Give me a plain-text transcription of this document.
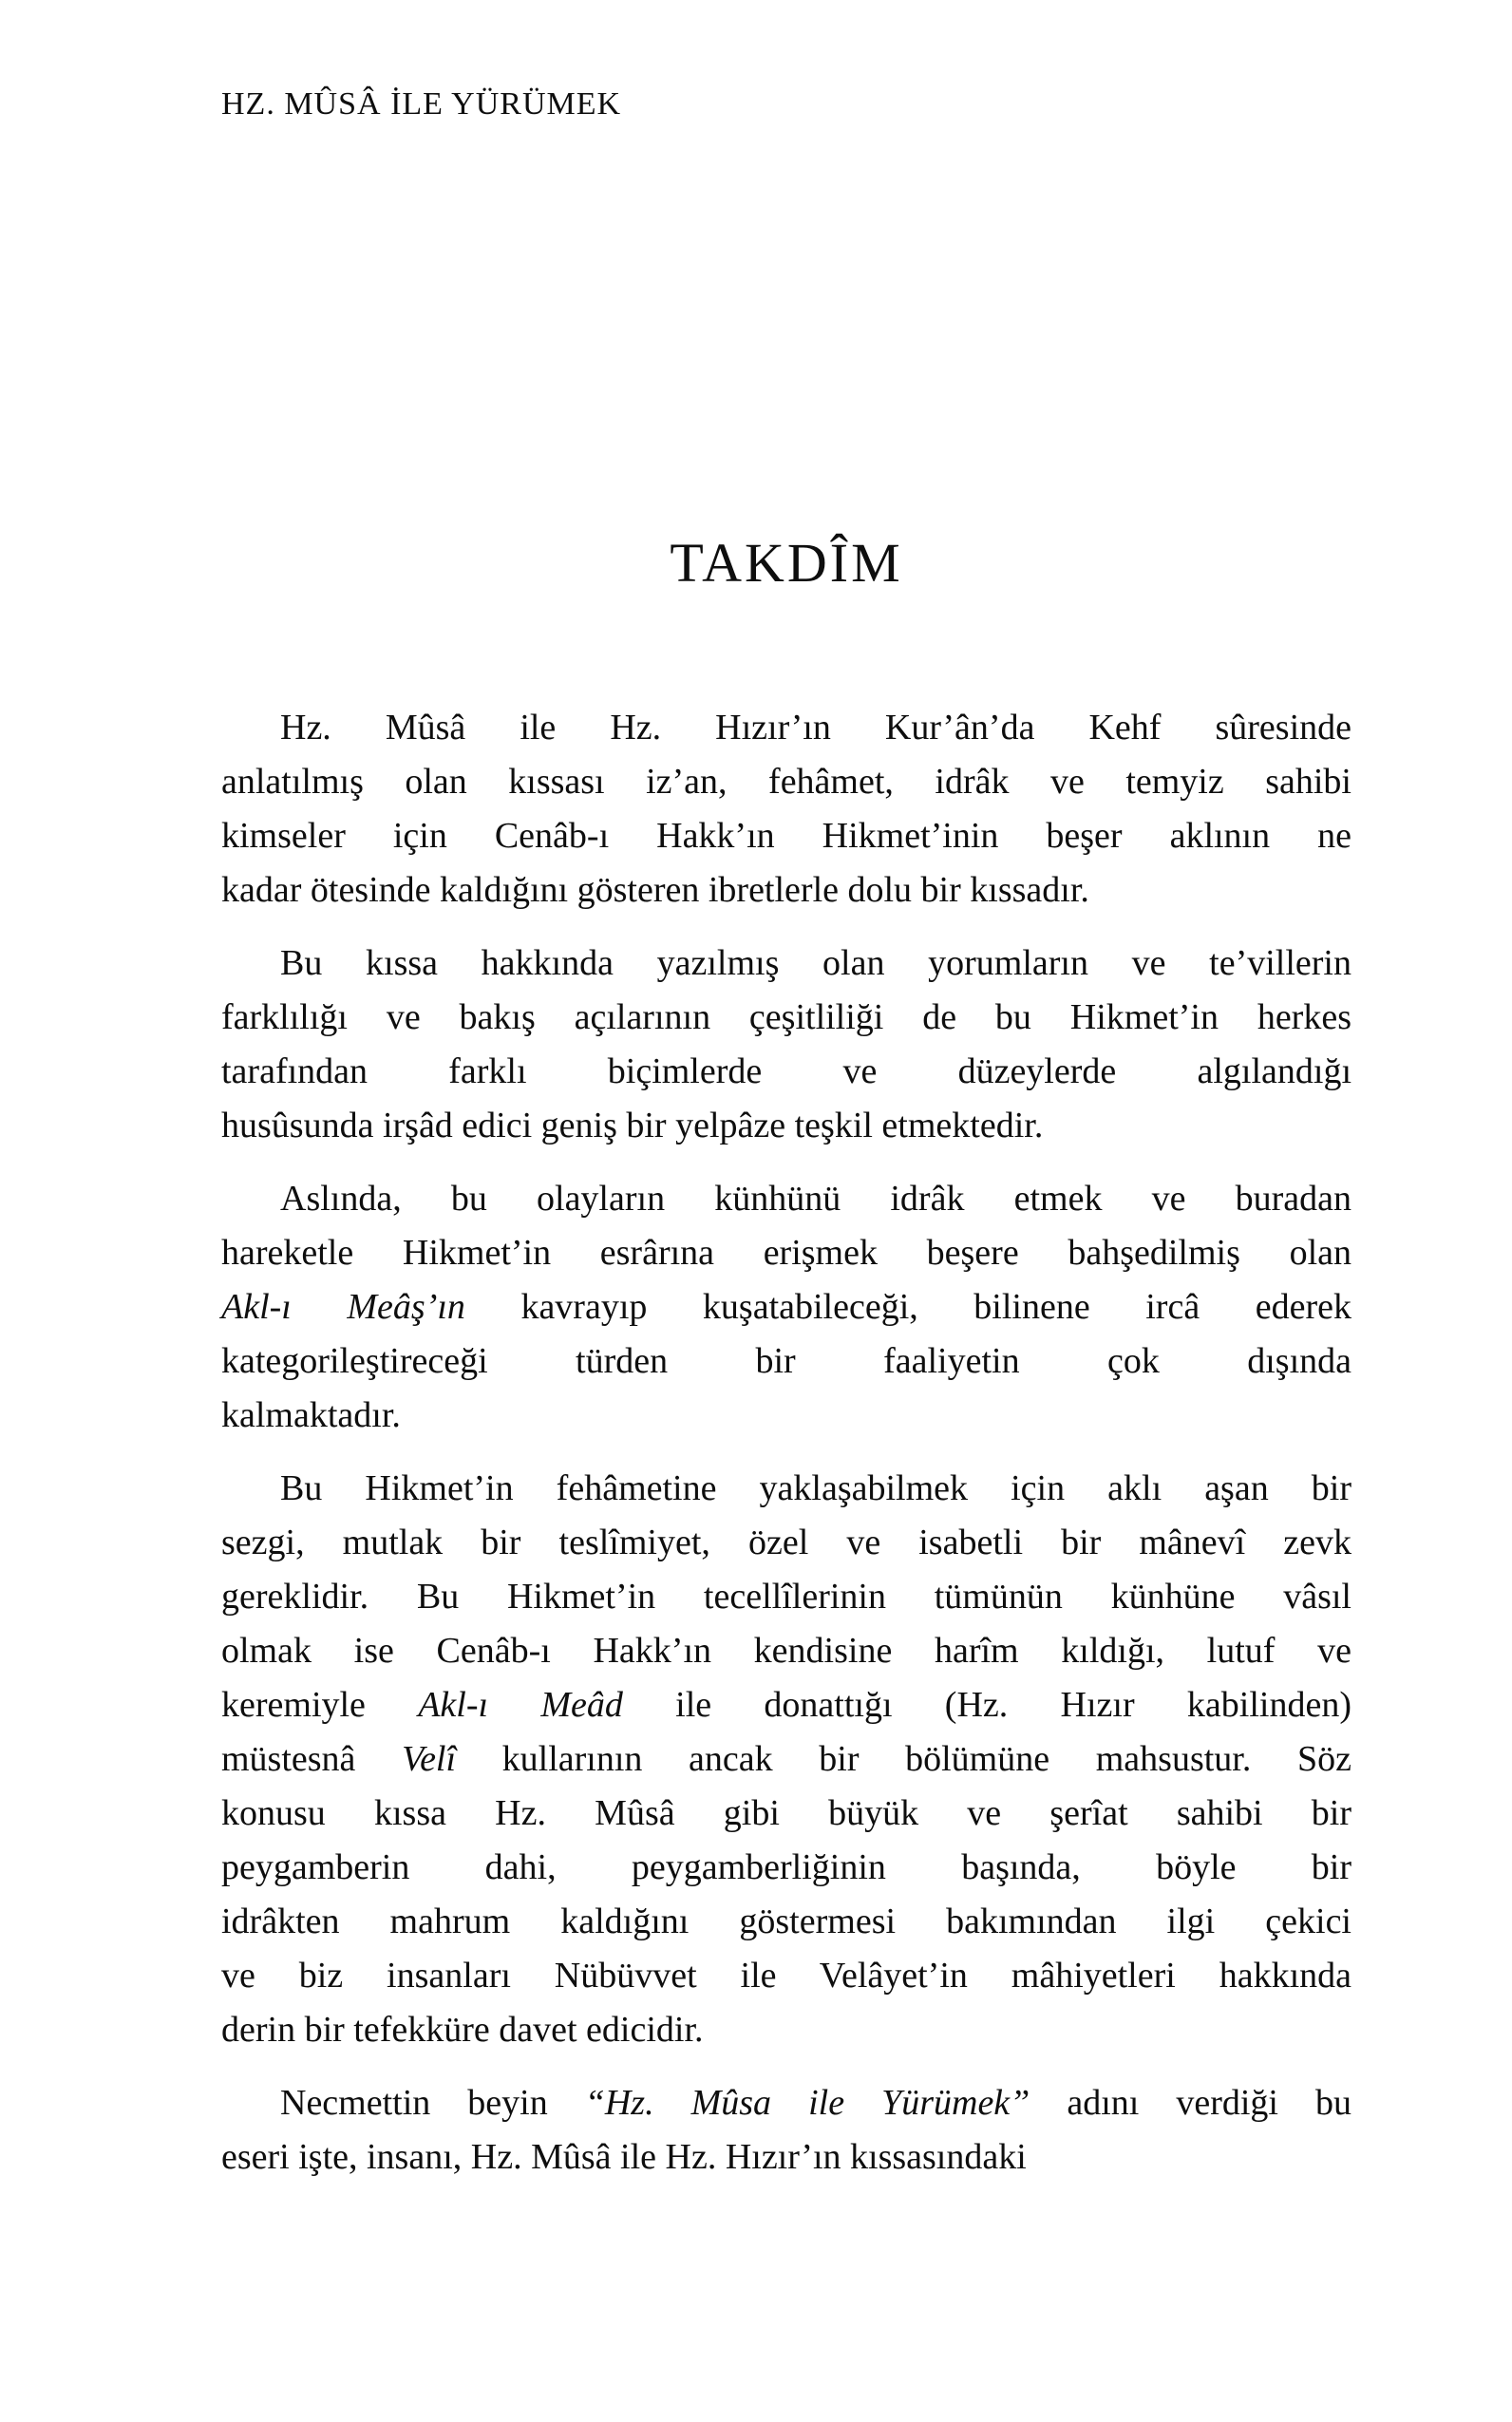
HZ. MÛSÂ İLE YÜRÜMEK
TAKDÎM

Hz. Mûsâ ile Hz. Hızır’ın Kur’ân’da Kehf sûresinde
anlatılmış olan kıssası iz’an, fehâmet, idrâk ve temyiz sahibi
kimseler için Cenâb-ı Hakk’ın Hikmet’inin beşer aklının ne
kadar ötesinde kaldığını gösteren ibretlerle dolu bir kıssadır.

Bu kıssa hakkında yazılmış olan yorumların ve te’villerin
farklılığı ve bakış açılarının çeşitliliği de bu Hikmet’in herkes
tarafından farklı biçimlerde ve düzeylerde algılandığı
husûsunda irşâd edici geniş bir yelpâze teşkil etmektedir.

Aslında, bu olayların künhünü idrâk etmek ve buradan
hareketle Hikmet’in esrârına erişmek beşere bahşedilmiş olan
Akl-ı Meâş’ın kavrayıp kuşatabileceği, bilinene ircâ ederek
kategorileştireceği türden bir faaliyetin çok dışında
kalmaktadır.

Bu Hikmet’in fehâmetine yaklaşabilmek için aklı aşan bir
sezgi, mutlak bir teslîmiyet, özel ve isabetli bir mânevî zevk
gereklidir. Bu Hikmet’in tecellîlerinin tümünün künhüne vâsıl
olmak ise Cenâb-ı Hakk’ın kendisine harîm kıldığı, lutuf ve
keremiyle Akl-ı Meâd ile donattığı (Hz. Hızır kabilinden)
müstesnâ Velî kullarının ancak bir bölümüne mahsustur. Söz
konusu kıssa Hz. Mûsâ gibi büyük ve şerîat sahibi bir
peygamberin dahi, peygamberliğinin başında, böyle bir
idrâkten mahrum kaldığını göstermesi bakımından ilgi çekici
ve biz insanları Nübüvvet ile Velâyet’in mâhiyetleri hakkında
derin bir tefekküre davet edicidir.

Necmettin beyin “Hz. Mûsa ile Yürümek” adını verdiği bu
eseri işte, insanı, Hz. Mûsâ ile Hz. Hızır’ın kıssasındaki
